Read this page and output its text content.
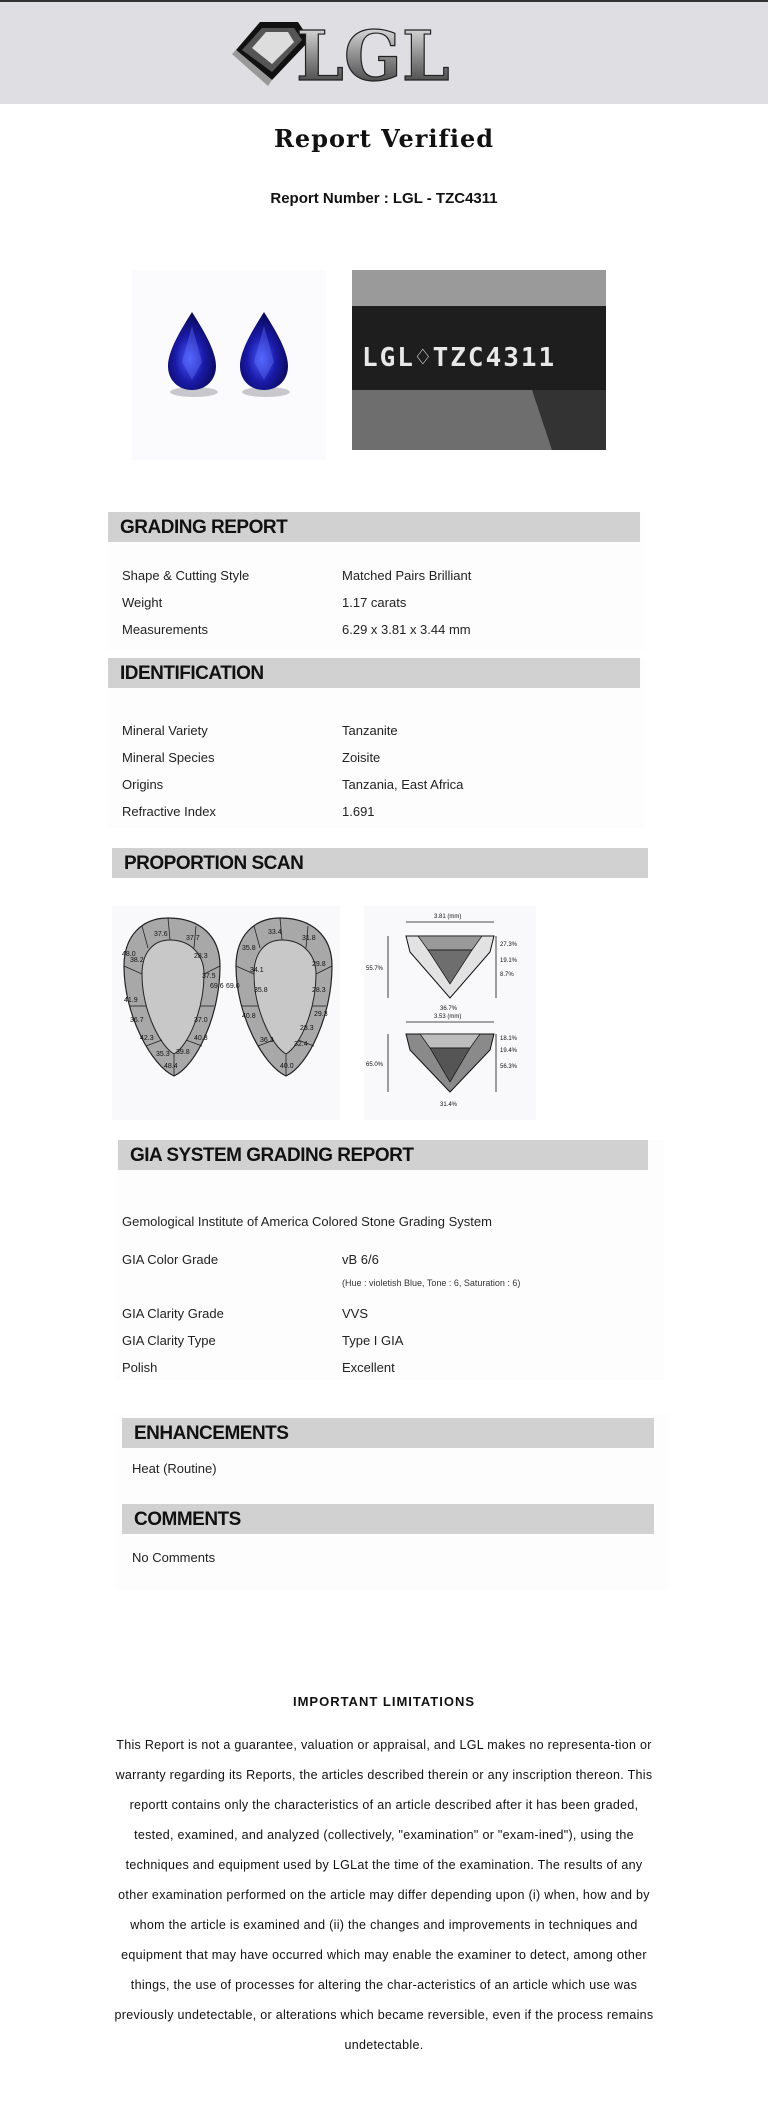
LGL
Report Verified
Report Number : LGL - TZC4311
LGL♢TZC4311
GRADING REPORT
Shape & Cutting Style	Matched Pairs Brilliant
Weight	1.17 carats
Measurements	6.29 x 3.81 x 3.44 mm
IDENTIFICATION
Mineral Variety	Tanzanite
Mineral Species	Zoisite
Origins	Tanzania, East Africa
Refractive Index	1.691
PROPORTION SCAN
37.6
37.7
48.0
38.2
28.3
37.5
69.6
41.9
36.7	37.0
42.3
35.3 39.8
48.4
40.8
33.4
31.8
35.8
34.1
29.8
69.0
35.8
40.8
28.3
36.3
32.4
28.3
29.3
40.0
3.81 (mm)
55.7%
27.3%
19.1%
8.7%
36.7%
3.53 (mm)
65.0%
18.1%
19.4%
56.3%
31.4%
GIA SYSTEM GRADING REPORT
Gemological Institute of America Colored Stone Grading System
GIA Color Grade	vB 6/6
(Hue : violetish Blue, Tone : 6, Saturation : 6)
GIA Clarity Grade	VVS
GIA Clarity Type	Type I GIA
Polish	Excellent
ENHANCEMENTS
Heat (Routine)
COMMENTS
No Comments
IMPORTANT LIMITATIONS
This Report is not a guarantee, valuation or appraisal, and LGL makes no representa-tion or warranty regarding its Reports, the articles described therein or any inscription thereon. This reportt contains only the characteristics of an article described after it has been graded, tested, examined, and analyzed (collectively, "examination" or "exam-ined"), using the techniques and equipment used by LGLat the time of the examination. The results of any other examination performed on the article may differ depending upon (i) when, how and by whom the article is examined and (ii) the changes and improvements in techniques and equipment that may have occurred which may enable the examiner to detect, among other things, the use of processes for altering the char-acteristics of an article which use was previously undetectable, or alterations which became reversible, even if the process remains undetectable.
